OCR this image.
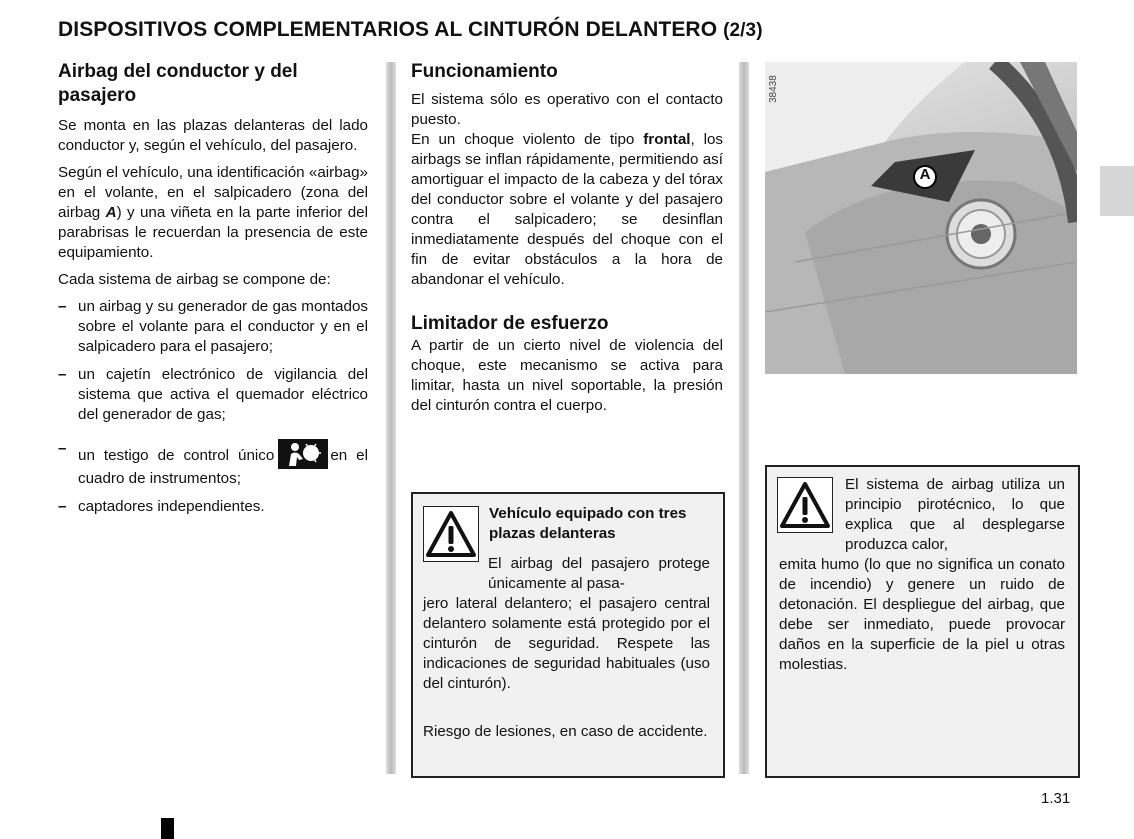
DISPOSITIVOS COMPLEMENTARIOS AL CINTURÓN DELANTERO (2/3)
Airbag del conductor y del pasajero

Se monta en las plazas delanteras del lado conductor y, según el vehículo, del pasajero.

Según el vehículo, una identificación «airbag» en el volante, en el salpicadero (zona del airbag A) y una viñeta en la parte inferior del parabrisas le recuerdan la presencia de este equipamiento.

Cada sistema de airbag se compone de:

– un airbag y su generador de gas montados sobre el volante para el conductor y en el salpicadero para el pasajero;
– un cajetín electrónico de vigilancia del sistema que activa el quemador eléctrico del generador de gas;
– un testigo de control único	en el cuadro de instrumentos;
– captadores independientes.
Funcionamiento

El sistema sólo es operativo con el contacto puesto.

En un choque violento de tipo frontal, los airbags se inflan rápidamente, permitiendo así amortiguar el impacto de la cabeza y del tórax del conductor sobre el volante y del pasajero contra el salpicadero; se desinflan inmediatamente después del choque con el fin de evitar obstáculos a la hora de abandonar el vehículo.

Limitador de esfuerzo

A partir de un cierto nivel de violencia del choque, este mecanismo se activa para limitar, hasta un nivel soportable, la presión del cinturón contra el cuerpo.

Vehículo equipado con tres plazas delanteras
El airbag del pasajero protege únicamente al pasa-
jero lateral delantero; el pasajero central delantero solamente está protegido por el cinturón de seguridad. Respete las indicaciones de seguridad habituales (uso del cinturón).
Riesgo de lesiones, en caso de accidente.
A
38438
El sistema de airbag utiliza un principio pirotécnico, lo que explica que al desplegarse produzca calor,
emita humo (lo que no significa un conato de incendio) y genere un ruido de detonación. El despliegue del airbag, que debe ser inmediato, puede provocar daños en la superficie de la piel u otras molestias.
1.31
